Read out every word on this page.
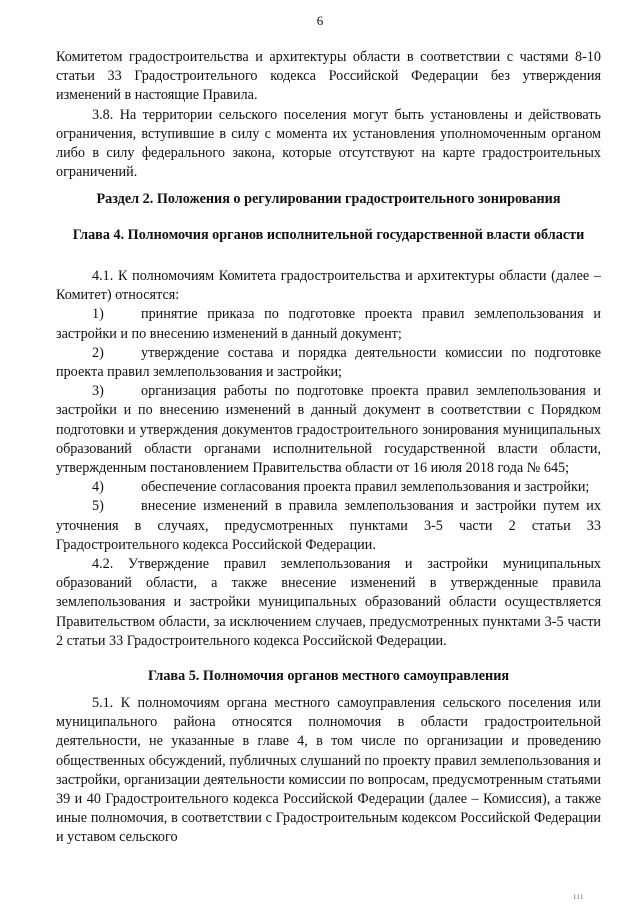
6

Комитетом градостроительства и архитектуры области в соответствии с частями 8-10 статьи 33 Градостроительного кодекса Российской Федерации без утверждения изменений в настоящие Правила.

3.8. На территории сельского поселения могут быть установлены и действовать ограничения, вступившие в силу с момента их установления уполномоченным органом либо в силу федерального закона, которые отсутствуют на карте градостроительных ограничений.

Раздел 2. Положения о регулировании градостроительного зонирования

Глава 4. Полномочия органов исполнительной государственной власти области

4.1. К полномочиям Комитета градостроительства и архитектуры области (далее – Комитет) относятся:

1)	принятие приказа по подготовке проекта правил землепользования и застройки и по внесению изменений в данный документ;

2)	утверждение состава и порядка деятельности комиссии по подготовке проекта правил землепользования и застройки;

3)	организация работы по подготовке проекта правил землепользования и застройки и по внесению изменений в данный документ в соответствии с Порядком подготовки и утверждения документов градостроительного зонирования муниципальных образований области органами исполнительной государственной власти области, утвержденным постановлением Правительства области от 16 июля 2018 года № 645;

4)	обеспечение согласования проекта правил землепользования и застройки;

5)	внесение изменений в правила землепользования и застройки путем их уточнения в случаях, предусмотренных пунктами 3-5 части 2 статьи 33 Градостроительного кодекса Российской Федерации.

4.2. Утверждение правил землепользования и застройки муниципальных образований области, а также внесение изменений в утвержденные правила землепользования и застройки муниципальных образований области осуществляется Правительством области, за исключением случаев, предусмотренных пунктами 3-5 части 2 статьи 33 Градостроительного кодекса Российской Федерации.

Глава 5. Полномочия органов местного самоуправления

5.1. К полномочиям органа местного самоуправления сельского поселения или муниципального района относятся полномочия в области градостроительной деятельности, не указанные в главе 4, в том числе по организации и проведению общественных обсуждений, публичных слушаний по проекту правил землепользования и застройки, организации деятельности комиссии по вопросам, предусмотренным статьями 39 и 40 Градостроительного кодекса Российской Федерации (далее – Комиссия), а также иные полномочия, в соответствии с Градостроительным кодексом Российской Федерации и уставом сельского

ııı
